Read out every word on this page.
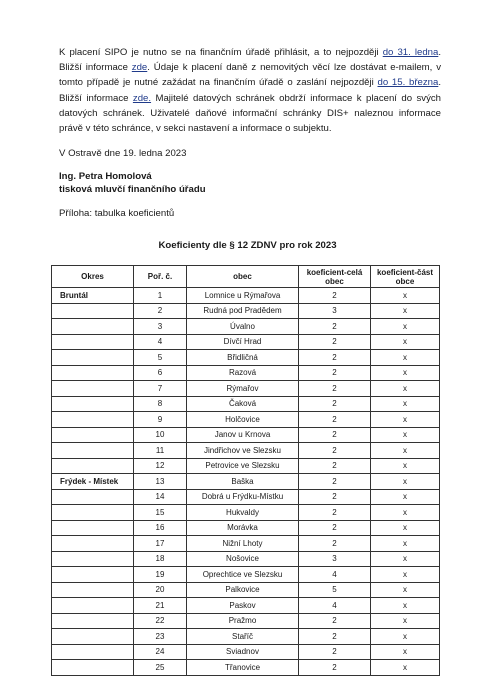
K placení SIPO je nutno se na finančním úřadě přihlásit, a to nejpozději do 31. ledna. Bližší informace zde. Údaje k placení daně z nemovitých věcí lze dostávat e-mailem, v tomto případě je nutné zažádat na finančním úřadě o zaslání nejpozději do 15. března. Bližší informace zde. Majitelé datových schránek obdrží informace k placení do svých datových schránek. Uživatelé daňové informační schránky DIS+ naleznou informace právě v této schránce, v sekci nastavení a informace o subjektu.
V Ostravě dne 19. ledna 2023
Ing. Petra Homolová
tisková mluvčí finančního úřadu
Příloha: tabulka koeficientů
Koeficienty dle § 12 ZDNV pro rok 2023
Okres	Poř. č.	obec	koeficient-celá obec	koeficient-část obce
Bruntál	1	Lomnice u Rýmařova	2	x
	2	Rudná pod Pradědem	3	x
	3	Úvalno	2	x
	4	Dívčí Hrad	2	x
	5	Břidličná	2	x
	6	Razová	2	x
	7	Rýmařov	2	x
	8	Čaková	2	x
	9	Holčovice	2	x
	10	Janov u Krnova	2	x
	11	Jindřichov ve Slezsku	2	x
	12	Petrovice ve Slezsku	2	x
Frýdek - Místek	13	Baška	2	x
	14	Dobrá u Frýdku-Místku	2	x
	15	Hukvaldy	2	x
	16	Morávka	2	x
	17	Nižní Lhoty	2	x
	18	Nošovice	3	x
	19	Oprechtice ve Slezsku	4	x
	20	Palkovice	5	x
	21	Paskov	4	x
	22	Pražmo	2	x
	23	Staříč	2	x
	24	Sviadnov	2	x
	25	Třanovice	2	x
